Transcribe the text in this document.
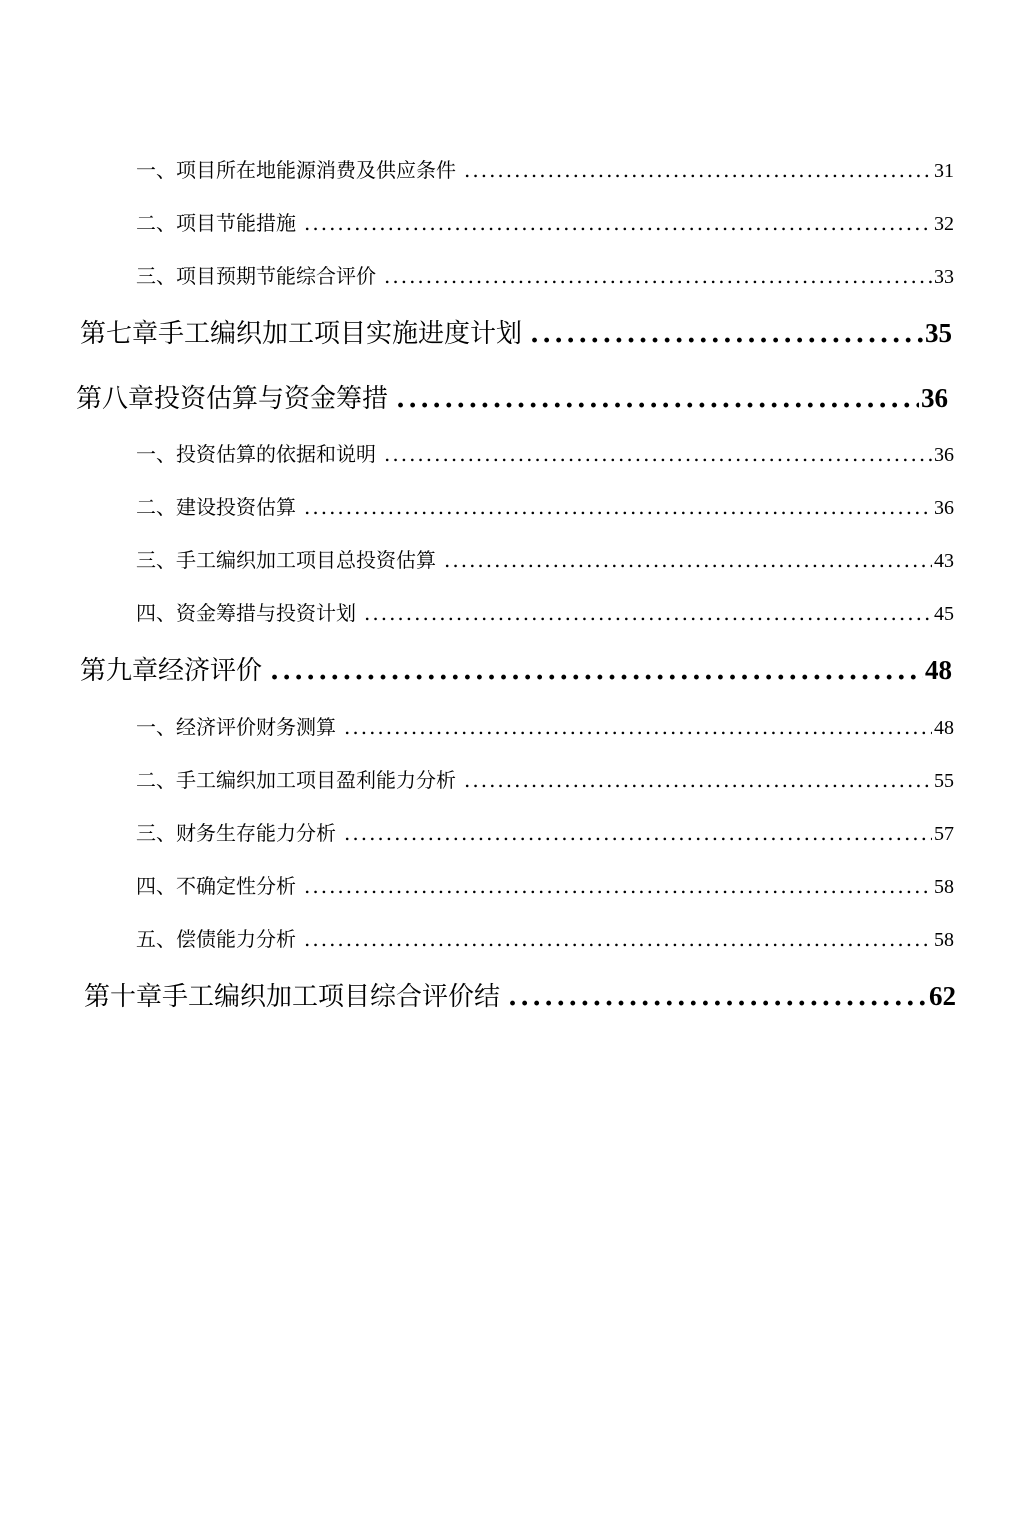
一、 项目所在地能源消费及供应条件 .....	31
二、 项目节能措施 .....	32
三、 项目预期节能综合评价 .....	33
第七章 手工编织加工项目实施进度计划 .....	35
第八章 投资估算与资金筹措 .....	36
一、 投资估算的依据和说明 .....	36
二、 建设投资估算 .....	36
三、 手工编织加工项目总投资估算 .....	43
四、 资金筹措与投资计划 .....	45
第九章经济评价 .....	48
一、 经济评价财务测算 .....	48
二、 手工编织加工项目盈利能力分析 .....	55
三、 财务生存能力分析 .....	57
四、 不确定性分析 .....	58
五、 偿债能力分析 .....	58
第十章 手工编织加工项目综合评价结 .....	62
